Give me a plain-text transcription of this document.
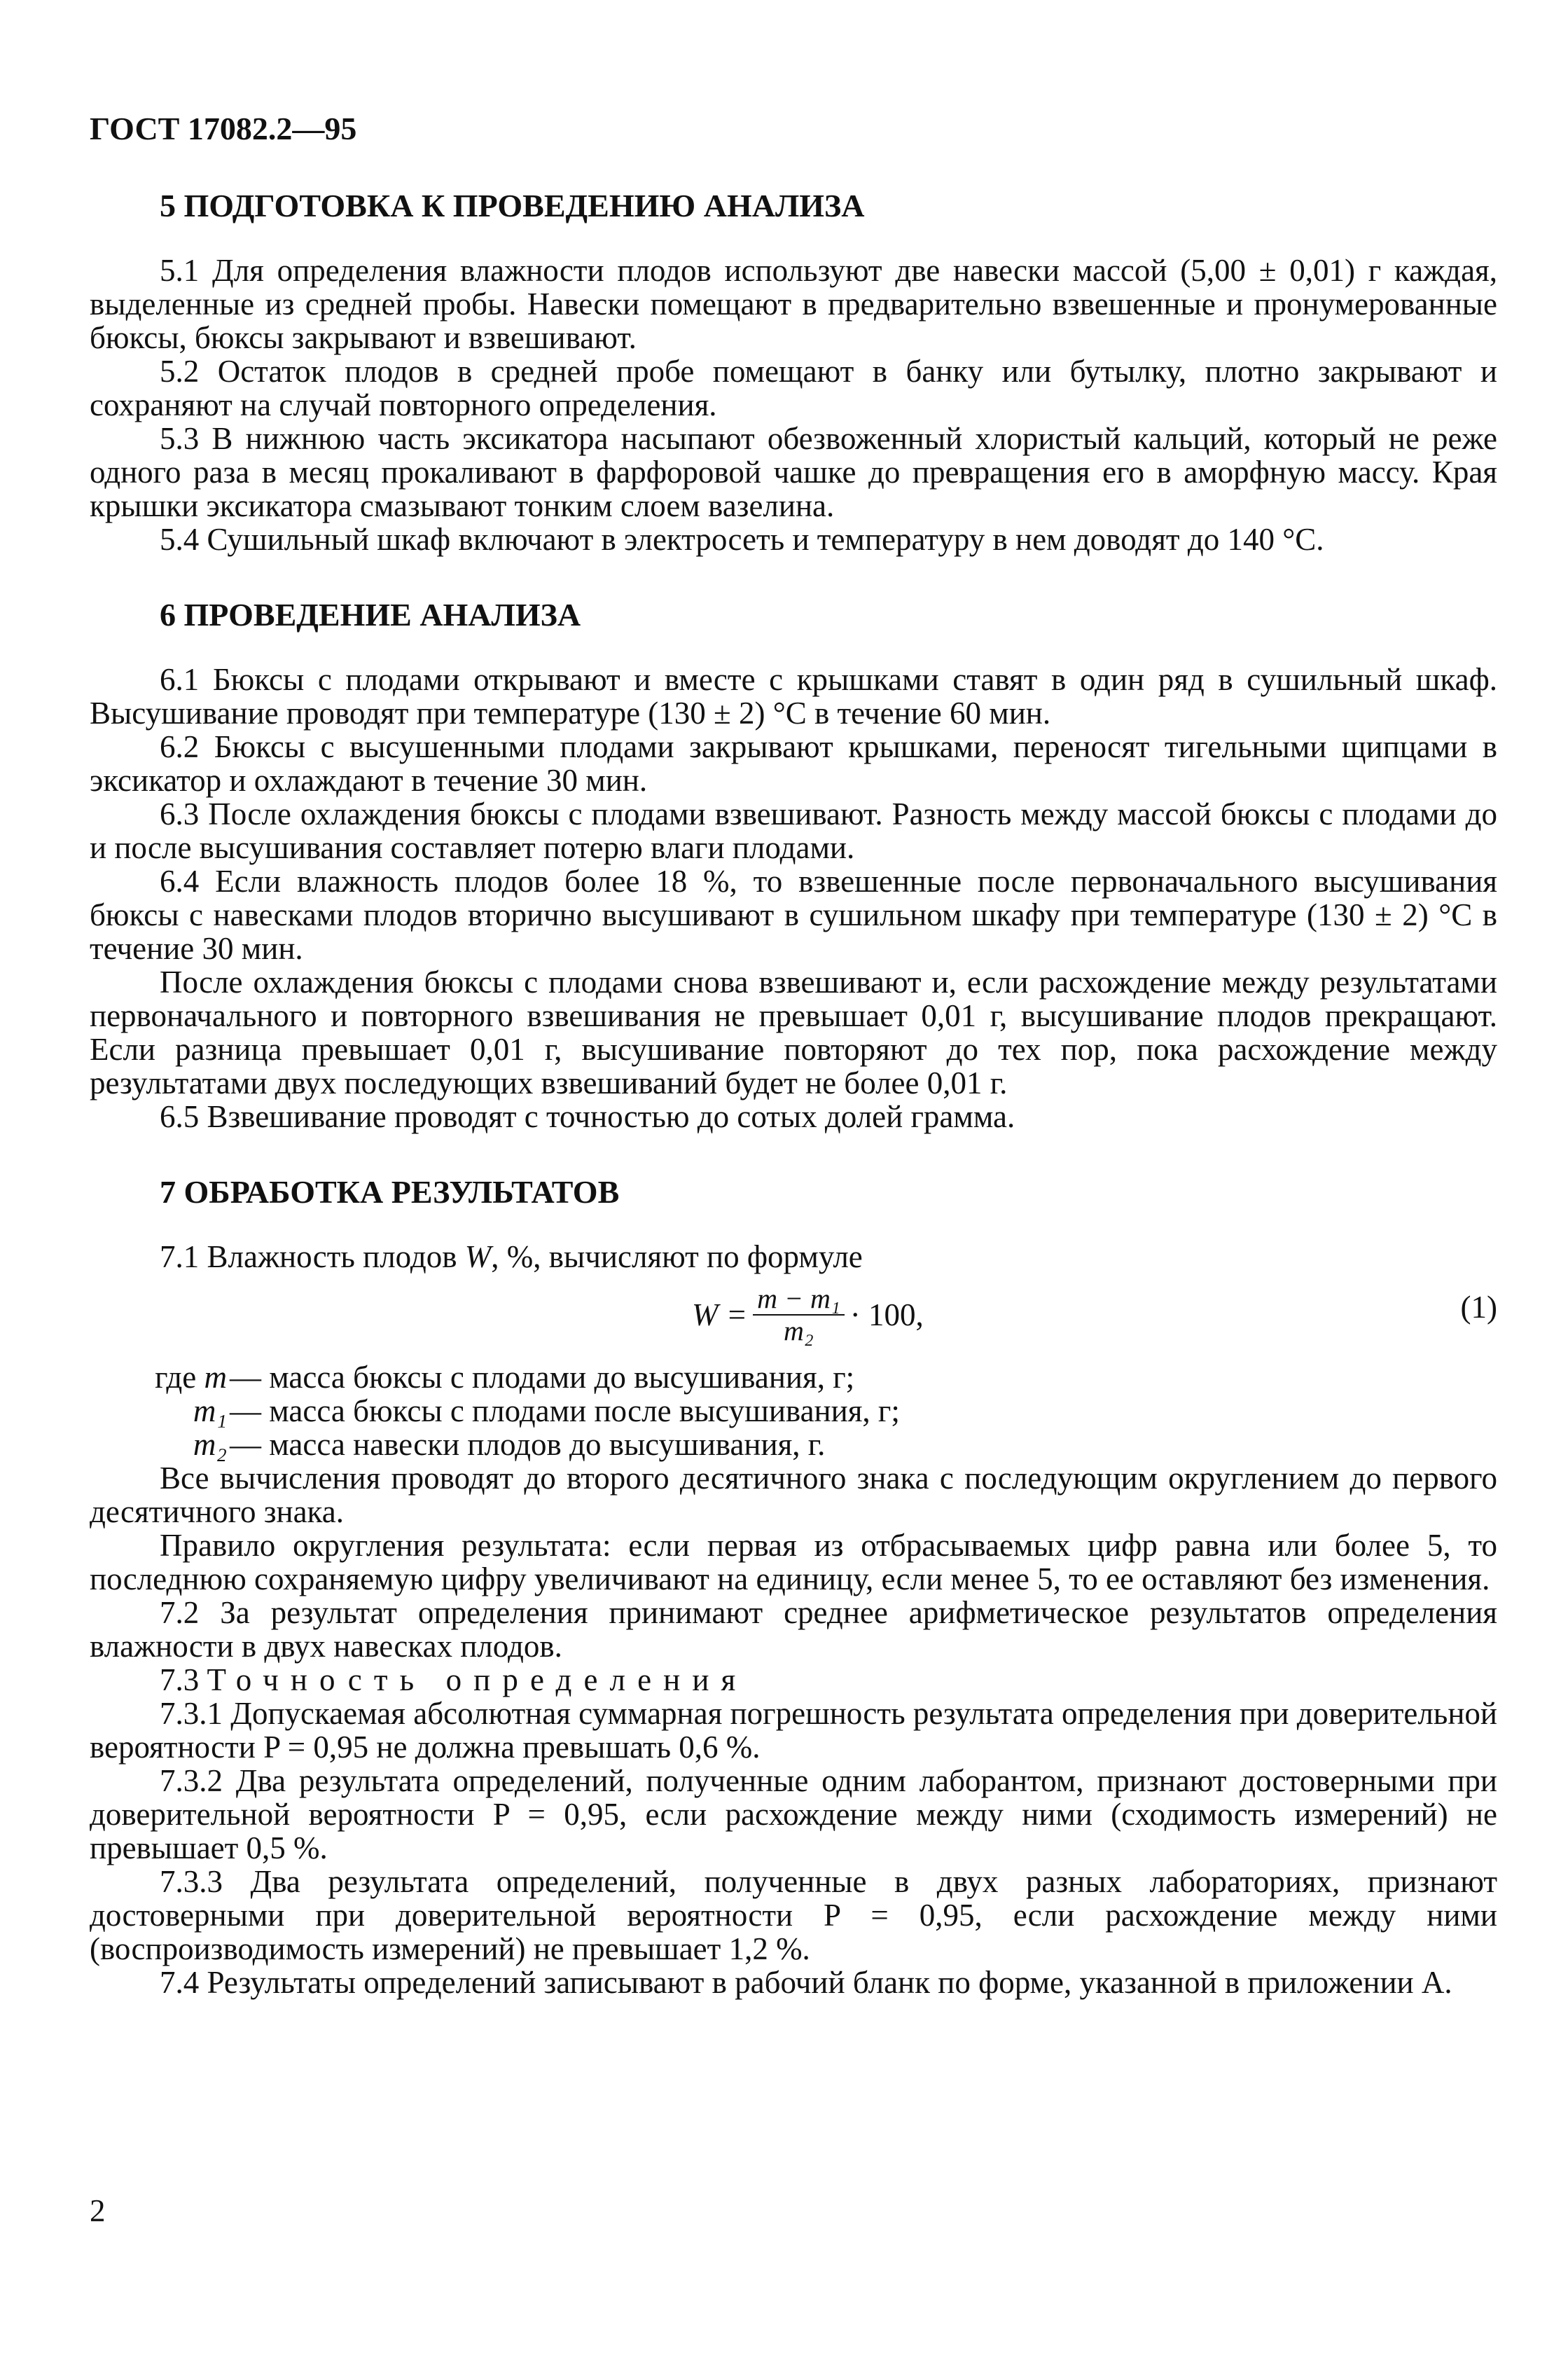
ГОСТ 17082.2—95
5 ПОДГОТОВКА К ПРОВЕДЕНИЮ АНАЛИЗА

5.1 Для определения влажности плодов используют две навески массой (5,00 ± 0,01) г каждая, выделенные из средней пробы. Навески помещают в предварительно взвешенные и пронумерованные бюксы, бюксы закрывают и взвешивают.

5.2 Остаток плодов в средней пробе помещают в банку или бутылку, плотно закрывают и сохраняют на случай повторного определения.

5.3 В нижнюю часть эксикатора насыпают обезвоженный хлористый кальций, который не реже одного раза в месяц прокаливают в фарфоровой чашке до превращения его в аморфную массу. Края крышки эксикатора смазывают тонким слоем вазелина.

5.4 Сушильный шкаф включают в электросеть и температуру в нем доводят до 140 °С.

6 ПРОВЕДЕНИЕ АНАЛИЗА

6.1 Бюксы с плодами открывают и вместе с крышками ставят в один ряд в сушильный шкаф. Высушивание проводят при температуре (130 ± 2) °С в течение 60 мин.

6.2 Бюксы с высушенными плодами закрывают крышками, переносят тигельными щипцами в эксикатор и охлаждают в течение 30 мин.

6.3 После охлаждения бюксы с плодами взвешивают. Разность между массой бюксы с плодами до и после высушивания составляет потерю влаги плодами.

6.4 Если влажность плодов более 18 %, то взвешенные после первоначального высушивания бюксы с навесками плодов вторично высушивают в сушильном шкафу при температуре (130 ± 2) °С в течение 30 мин.

После охлаждения бюксы с плодами снова взвешивают и, если расхождение между результатами первоначального и повторного взвешивания не превышает 0,01 г, высушивание плодов прекращают. Если разница превышает 0,01 г, высушивание повторяют до тех пор, пока расхождение между результатами двух последующих взвешиваний будет не более 0,01 г.

6.5 Взвешивание проводят с точностью до сотых долей грамма.

7 ОБРАБОТКА РЕЗУЛЬТАТОВ

7.1 Влажность плодов W, %, вычисляют по формуле

$W = \frac{\text{m − m₁}}{\text{m₂}} \cdot 100$,	(1)
где m — масса бюксы с плодами до высушивания, г;
m₁ — масса бюксы с плодами после высушивания, г;
m₂ — масса навески плодов до высушивания, г.

Все вычисления проводят до второго десятичного знака с последующим округлением до первого десятичного знака.

Правило округления результата: если первая из отбрасываемых цифр равна или более 5, то последнюю сохраняемую цифру увеличивают на единицу, если менее 5, то ее оставляют без изменения.

7.2 За результат определения принимают среднее арифметическое результатов определения влажности в двух навесках плодов.

7.3 Точность определения

7.3.1 Допускаемая абсолютная суммарная погрешность результата определения при доверительной вероятности P = 0,95 не должна превышать 0,6 %.

7.3.2 Два результата определений, полученные одним лаборантом, признают достоверными при доверительной вероятности P = 0,95, если расхождение между ними (сходимость измерений) не превышает 0,5 %.

7.3.3 Два результата определений, полученные в двух разных лабораториях, признают достоверными при доверительной вероятности P = 0,95, если расхождение между ними (воспроизводимость измерений) не превышает 1,2 %.

7.4 Результаты определений записывают в рабочий бланк по форме, указанной в приложении А.

2
